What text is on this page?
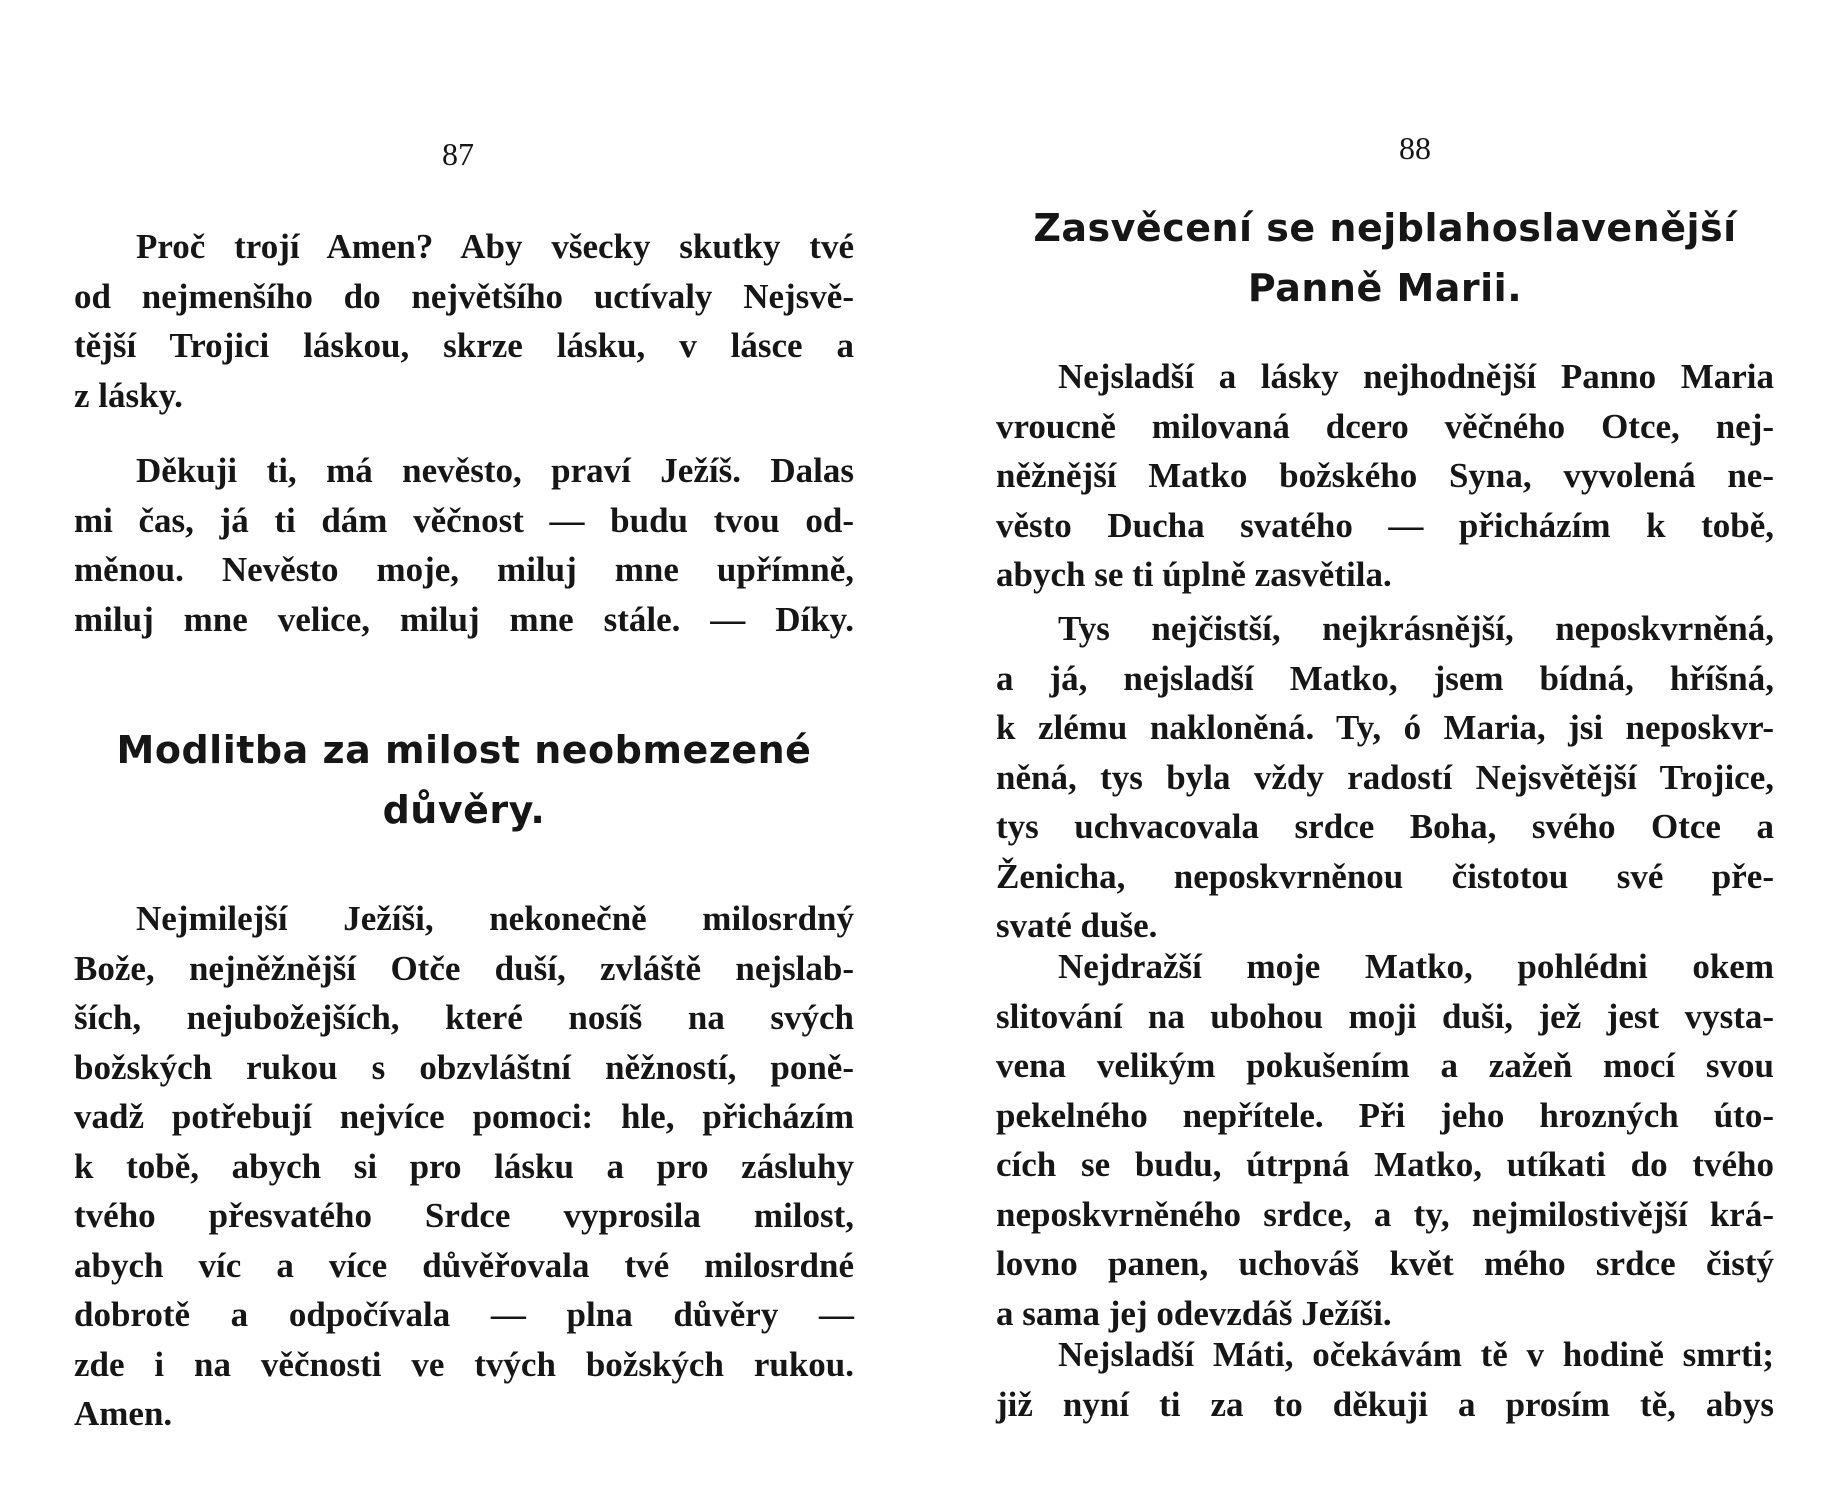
87
Proč trojí Amen? Aby všecky skutky tvé
od nejmenšího do největšího uctívaly Nejsvě-
tější Trojici láskou, skrze lásku, v lásce a
z lásky.
Děkuji ti, má nevěsto, praví Ježíš. Dalas
mi čas, já ti dám věčnost — budu tvou od-
měnou. Nevěsto moje, miluj mne upřímně,
miluj mne velice, miluj mne stále. — Díky.
Modlitba za milost neobmezené
důvěry.
Nejmilejší Ježíši, nekonečně milosrdný
Bože, nejněžnější Otče duší, zvláště nejslab-
ších, nejubožejších, které nosíš na svých
božských rukou s obzvláštní něžností, poně-
vadž potřebují nejvíce pomoci: hle, přicházím
k tobě, abych si pro lásku a pro zásluhy
tvého přesvatého Srdce vyprosila milost,
abych víc a více důvěřovala tvé milosrdné
dobrotě a odpočívala — plna důvěry —
zde i na věčnosti ve tvých božských rukou.
Amen.
88
Zasvěcení se nejblahoslavenější
Panně Marii.
Nejsladší a lásky nejhodnější Panno Maria
vroucně milovaná dcero věčného Otce, nej-
něžnější Matko božského Syna, vyvolená ne-
věsto Ducha svatého — přicházím k tobě,
abych se ti úplně zasvětila.
Tys nejčistší, nejkrásnější, neposkvrněná,
a já, nejsladší Matko, jsem bídná, hříšná,
k zlému nakloněná. Ty, ó Maria, jsi neposkvr-
něná, tys byla vždy radostí Nejsvětější Trojice,
tys uchvacovala srdce Boha, svého Otce a
Ženicha, neposkvrněnou čistotou své pře-
svaté duše.
Nejdražší moje Matko, pohlédni okem
slitování na ubohou moji duši, jež jest vysta-
vena velikým pokušením a zažeň mocí svou
pekelného nepřítele. Při jeho hrozných úto-
cích se budu, útrpná Matko, utíkati do tvého
neposkvrněného srdce, a ty, nejmilostivější krá-
lovno panen, uchováš květ mého srdce čistý
a sama jej odevzdáš Ježíši.
Nejsladší Máti, očekávám tě v hodině smrti;
již nyní ti za to děkuji a prosím tě, abys
